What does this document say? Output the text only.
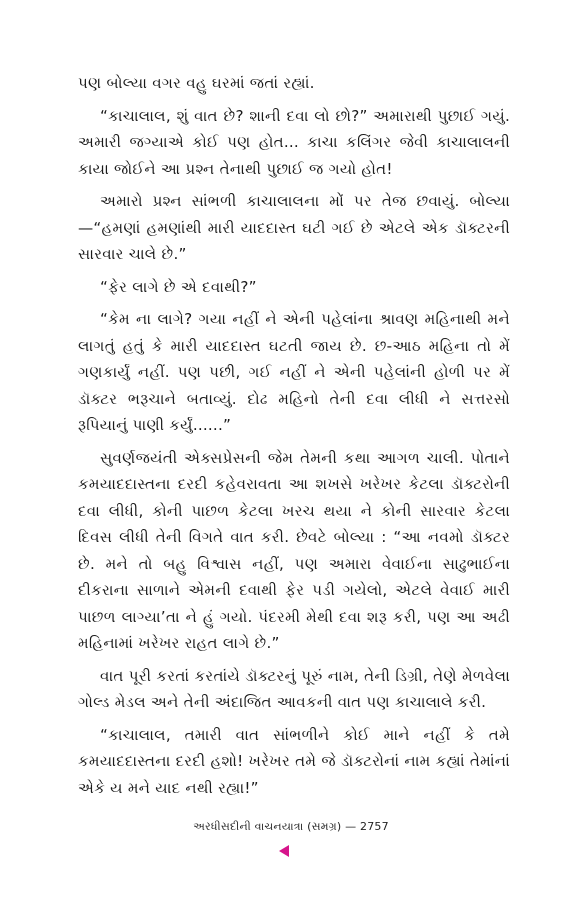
પણ બોલ્યા વગર વહુ ઘરમાં જતાં રહ્યાં.

“કાચાલાલ, શું વાત છે? શાની દવા લો છો?” અમારાથી પુછાઈ ગયું. અમારી જગ્યાએ કોઈ પણ હોત... કાચા કલિંગર જેવી કાચાલાલની કાયા જોઈને આ પ્રશ્ન તેનાથી પુછાઈ જ ગયો હોત!

અમારો પ્રશ્ન સાંભળી કાચાલાલના મોં પર તેજ છવાયું. બોલ્યા—“હમણાં હમણાંથી મારી યાદદાસ્ત ઘટી ગઈ છે એટલે એક ડૉક્ટરની સારવાર ચાલે છે.”

“ફેર લાગે છે એ દવાથી?”

“કેમ ના લાગે? ગયા નહીં ને એની પહેલાંના શ્રાવણ મહિનાથી મને લાગતું હતું કે મારી યાદદાસ્ત ઘટતી જાય છે. છ-આઠ મહિના તો મેં ગણકાર્યું નહીં. પણ પછી, ગઈ નહીં ને એની પહેલાંની હોળી પર મેં ડૉક્ટર ભરૂચાને બતાવ્યું. દોઢ મહિનો તેની દવા લીધી ને સત્તરસો રૂપિયાનું પાણી કર્યું......”

સુવર્ણજયંતી એક્સપ્રેસની જેમ તેમની કથા આગળ ચાલી. પોતાને કમયાદદાસ્તના દરદી કહેવરાવતા આ શખસે ખરેખર કેટલા ડૉક્ટરોની દવા લીધી, કોની પાછળ કેટલા ખરચ થયા ને કોની સારવાર કેટલા દિવસ લીધી તેની વિગતે વાત કરી. છેવટે બોલ્યા : “આ નવમો ડૉક્ટર છે. મને તો બહુ વિશ્વાસ નહીં, પણ અમારા વેવાઈના સાઢુભાઈના દીકરાના સાળાને એમની દવાથી ફેર પડી ગયેલો, એટલે વેવાઈ મારી પાછળ લાગ્યા’તા ને હું ગયો. પંદરમી મેથી દવા શરૂ કરી, પણ આ અઢી મહિનામાં ખરેખર રાહત લાગે છે.”

વાત પૂરી કરતાં કરતાંયે ડૉક્ટરનું પૂરું નામ, તેની ડિગ્રી, તેણે મેળવેલા ગોલ્ડ મેડલ અને તેની અંદાજિત આવકની વાત પણ કાચાલાલે કરી.

“કાચાલાલ, તમારી વાત સાંભળીને કોઈ માને નહીં કે તમે કમયાદદાસ્તના દરદી હશો! ખરેખર તમે જે ડૉક્ટરોનાં નામ કહ્યાં તેમાંનાં એકે ય મને યાદ નથી રહ્યા!”

અરધીસદીની વાચનયાત્રા (સમગ્ર) — 2757
